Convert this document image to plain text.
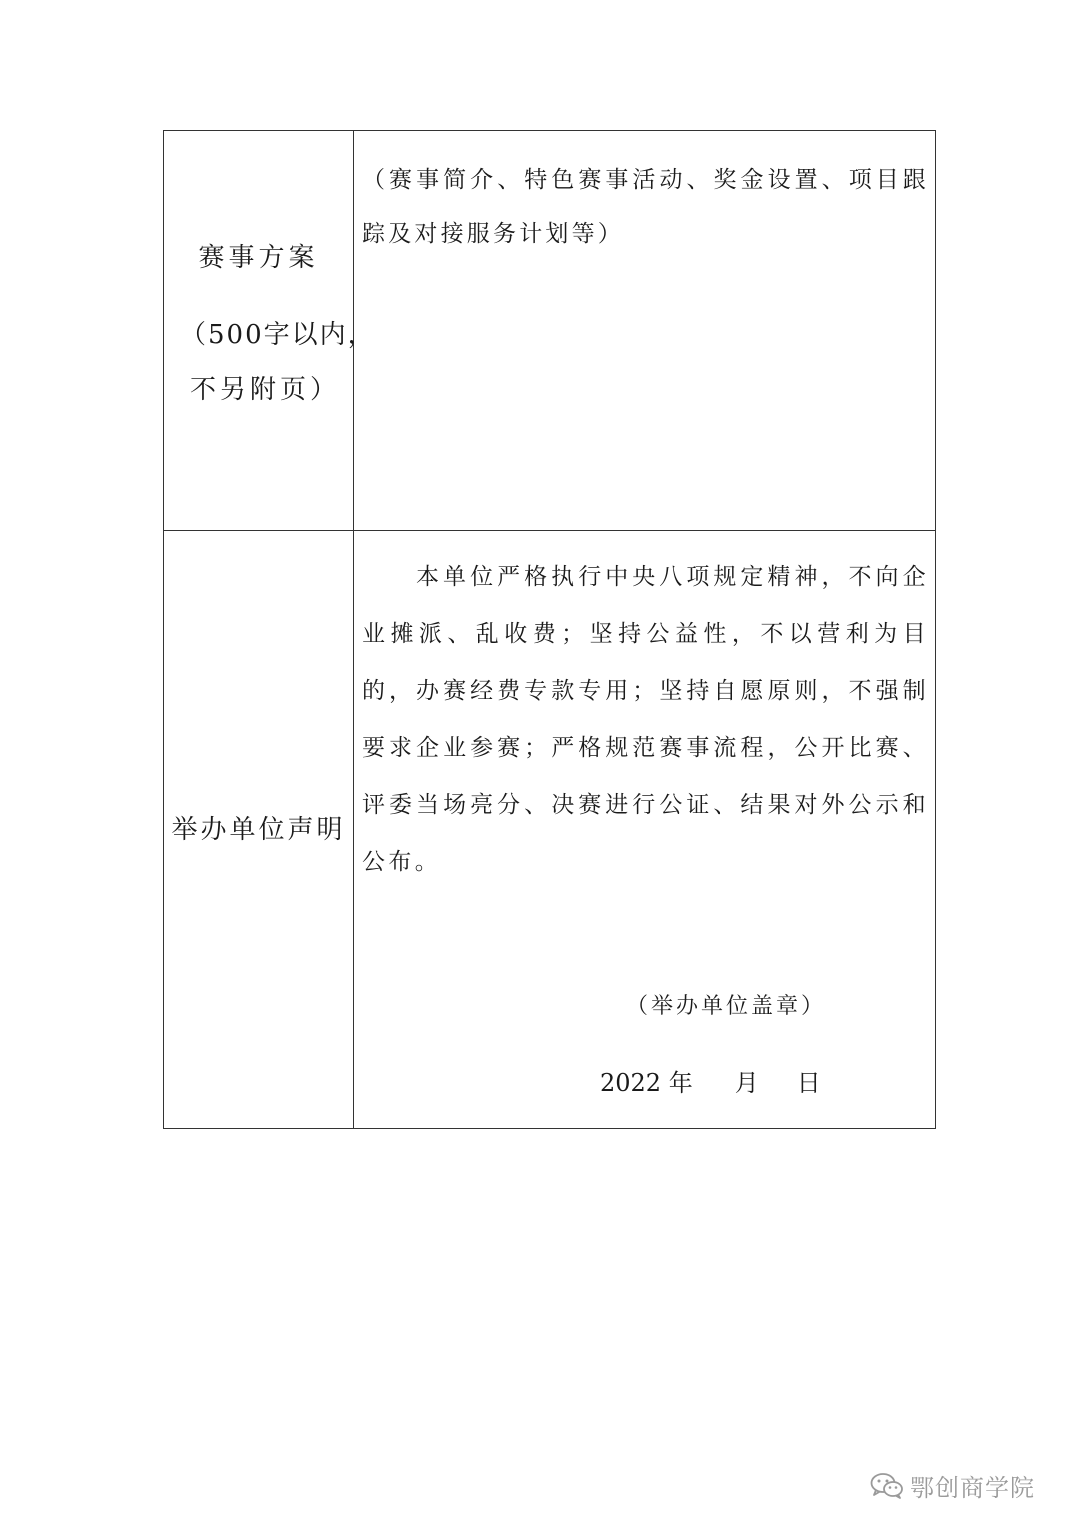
赛事方案
（500字以内，
不另附页）	（赛事简介、特色赛事活动、奖金设置、项目跟踪及对接服务计划等）

举办单位声明	本单位严格执行中央八项规定精神，不向企业摊派、乱收费；坚持公益性，不以营利为目的，办赛经费专款专用；坚持自愿原则，不强制要求企业参赛；严格规范赛事流程，公开比赛、评委当场亮分、决赛进行公证、结果对外公示和公布。
（举办单位盖章）
2022 年 月 日
鄂创商学院
